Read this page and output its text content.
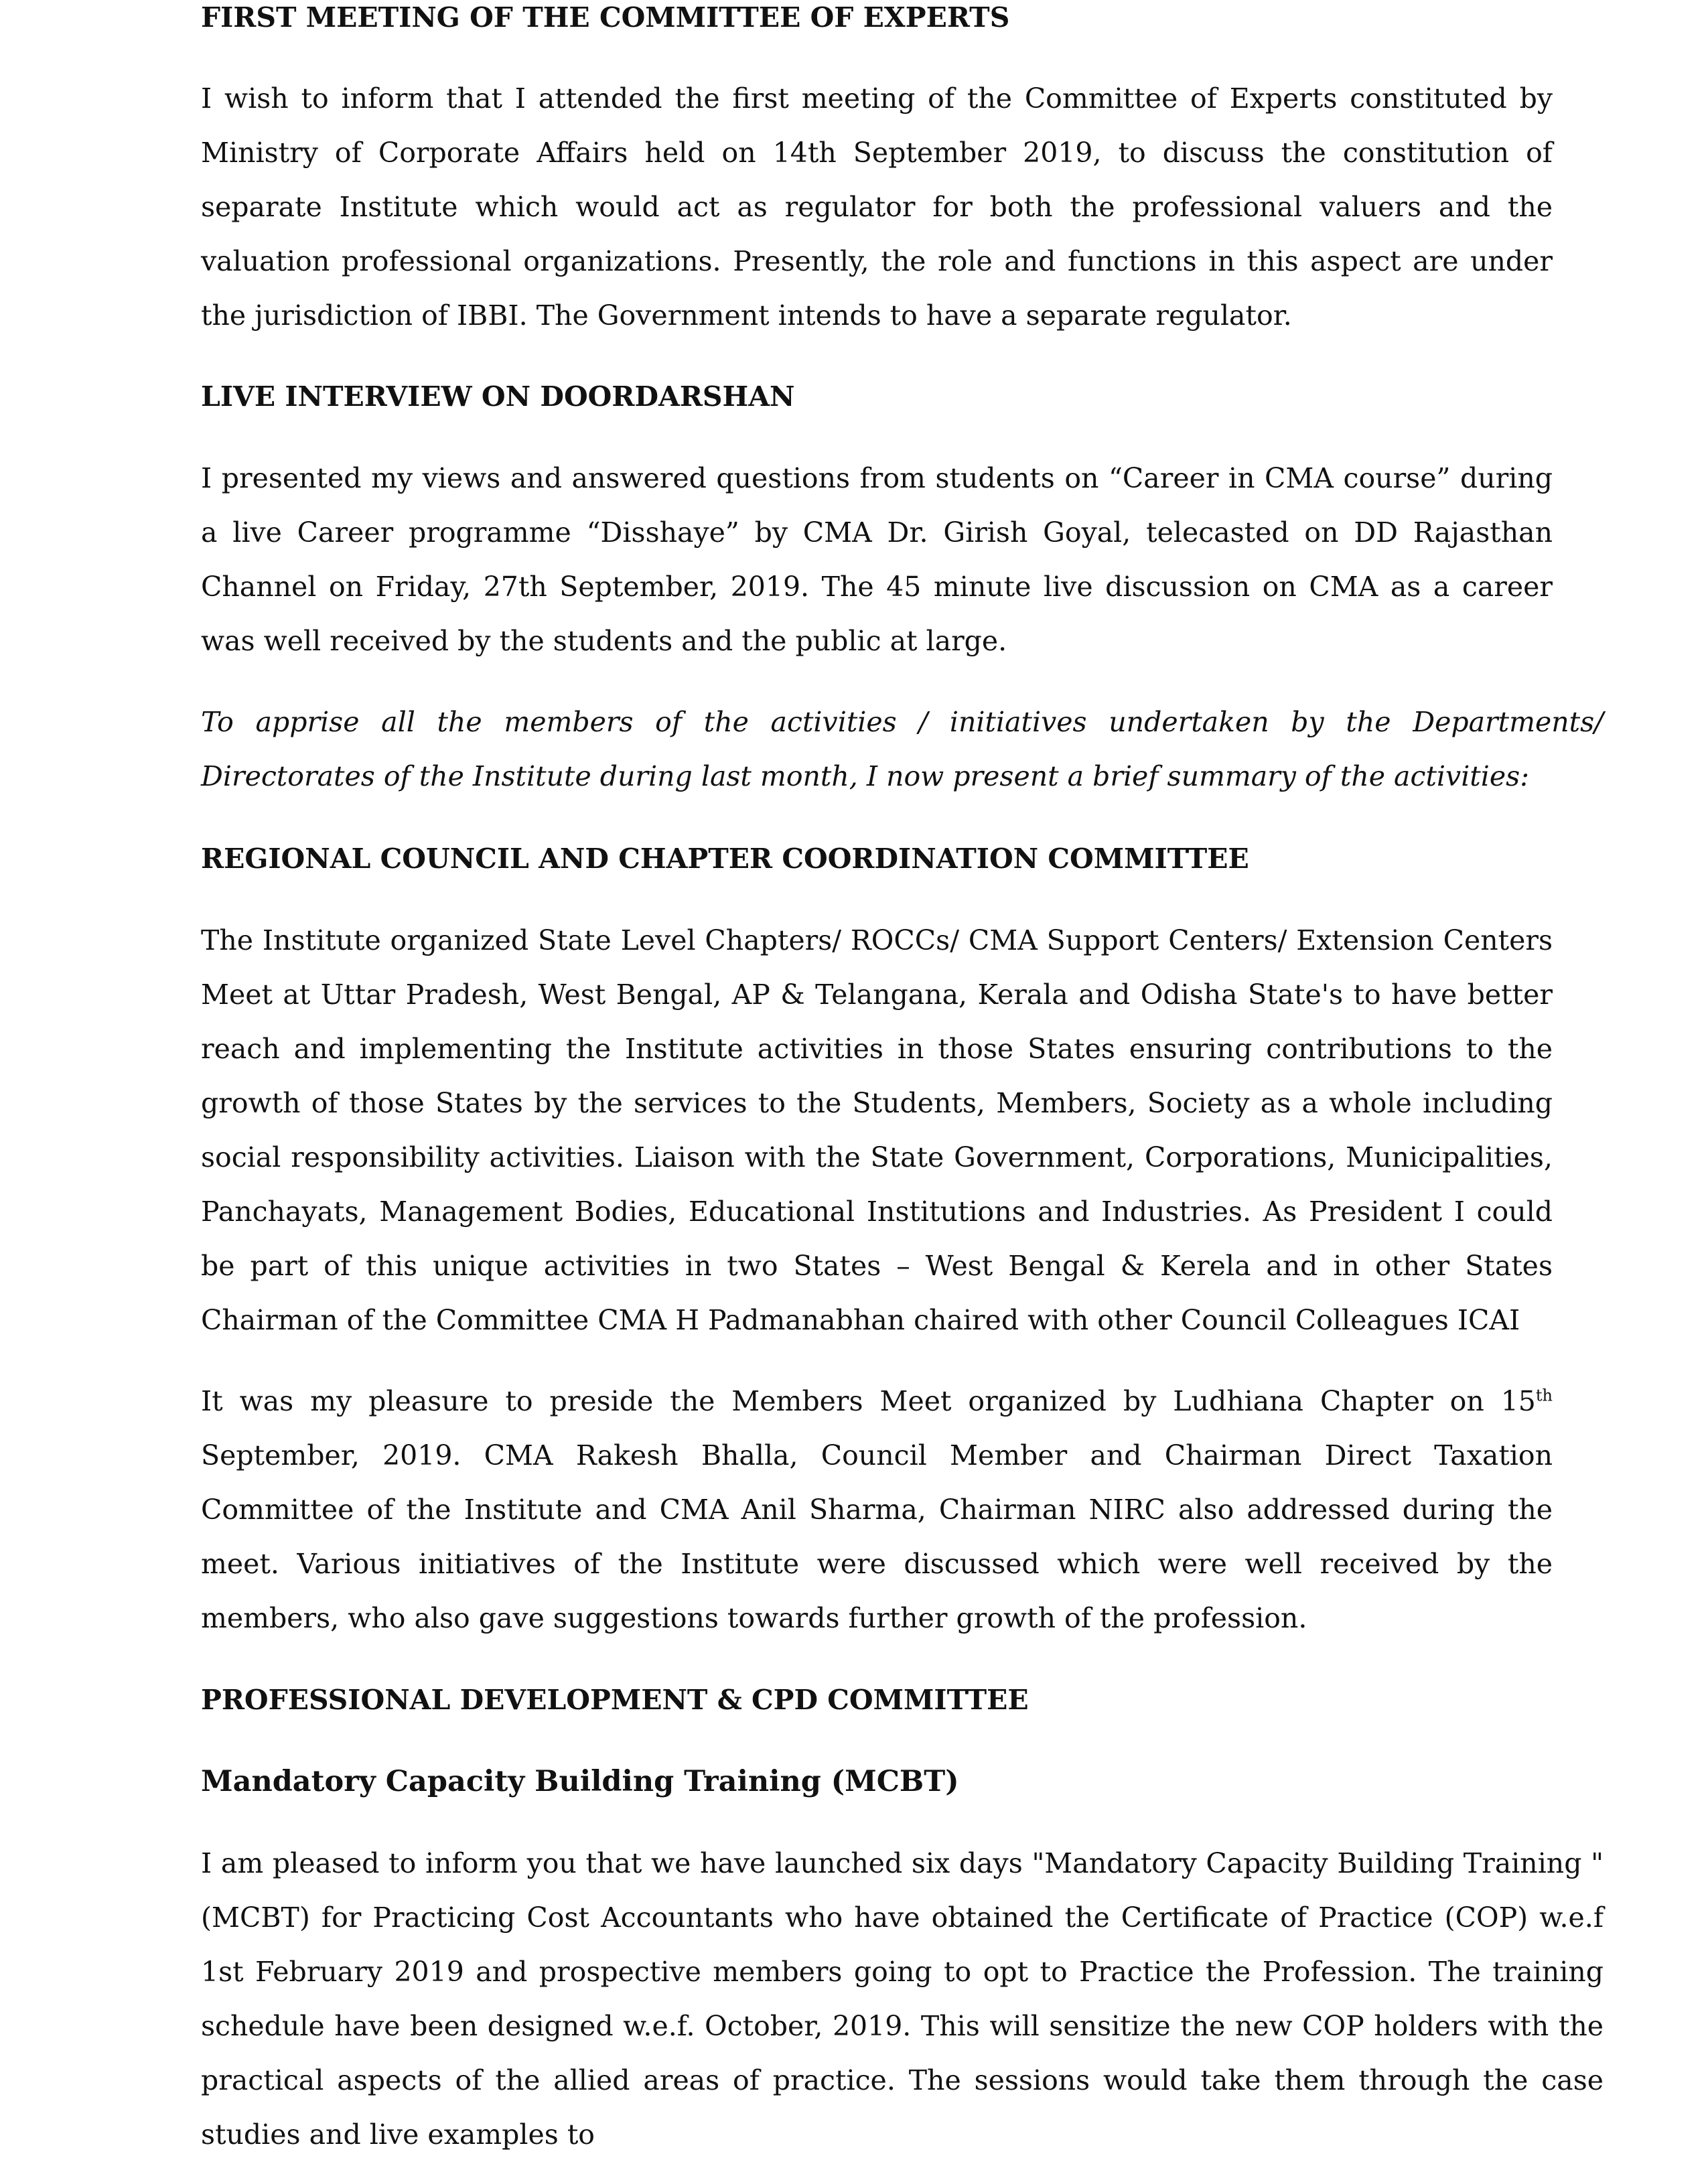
FIRST MEETING OF THE COMMITTEE OF EXPERTS

I wish to inform that I attended the first meeting of the Committee of Experts constituted by Ministry of Corporate Affairs held on 14th September 2019, to discuss the constitution of separate Institute which would act as regulator for both the professional valuers and the valuation professional organizations. Presently, the role and functions in this aspect are under the jurisdiction of IBBI. The Government intends to have a separate regulator.

LIVE INTERVIEW ON DOORDARSHAN

I presented my views and answered questions from students on “Career in CMA course” during a live Career programme “Disshaye” by CMA Dr. Girish Goyal, telecasted on DD Rajasthan Channel on Friday, 27th September, 2019. The 45 minute live discussion on CMA as a career was well received by the students and the public at large.

To apprise all the members of the activities / initiatives undertaken by the Departments/ Directorates of the Institute during last month, I now present a brief summary of the activities:

REGIONAL COUNCIL AND CHAPTER COORDINATION COMMITTEE

The Institute organized State Level Chapters/ ROCCs/ CMA Support Centers/ Extension Centers Meet at Uttar Pradesh, West Bengal, AP & Telangana, Kerala and Odisha State's to have better reach and implementing the Institute activities in those States ensuring contributions to the growth of those States by the services to the Students, Members, Society as a whole including social responsibility activities. Liaison with the State Government, Corporations, Municipalities, Panchayats, Management Bodies, Educational Institutions and Industries. As President I could be part of this unique activities in two States – West Bengal & Kerela and in other States Chairman of the Committee CMA H Padmanabhan chaired with other Council Colleagues ICAI

It was my pleasure to preside the Members Meet organized by Ludhiana Chapter on 15th September, 2019. CMA Rakesh Bhalla, Council Member and Chairman Direct Taxation Committee of the Institute and CMA Anil Sharma, Chairman NIRC also addressed during the meet. Various initiatives of the Institute were discussed which were well received by the members, who also gave suggestions towards further growth of the profession.

PROFESSIONAL DEVELOPMENT & CPD COMMITTEE
Mandatory Capacity Building Training (MCBT)

I am pleased to inform you that we have launched six days "Mandatory Capacity Building Training "(MCBT) for Practicing Cost Accountants who have obtained the Certificate of Practice (COP) w.e.f 1st February 2019 and prospective members going to opt to Practice the Profession. The training schedule have been designed w.e.f. October, 2019. This will sensitize the new COP holders with the practical aspects of the allied areas of practice. The sessions would take them through the case studies and live examples to
